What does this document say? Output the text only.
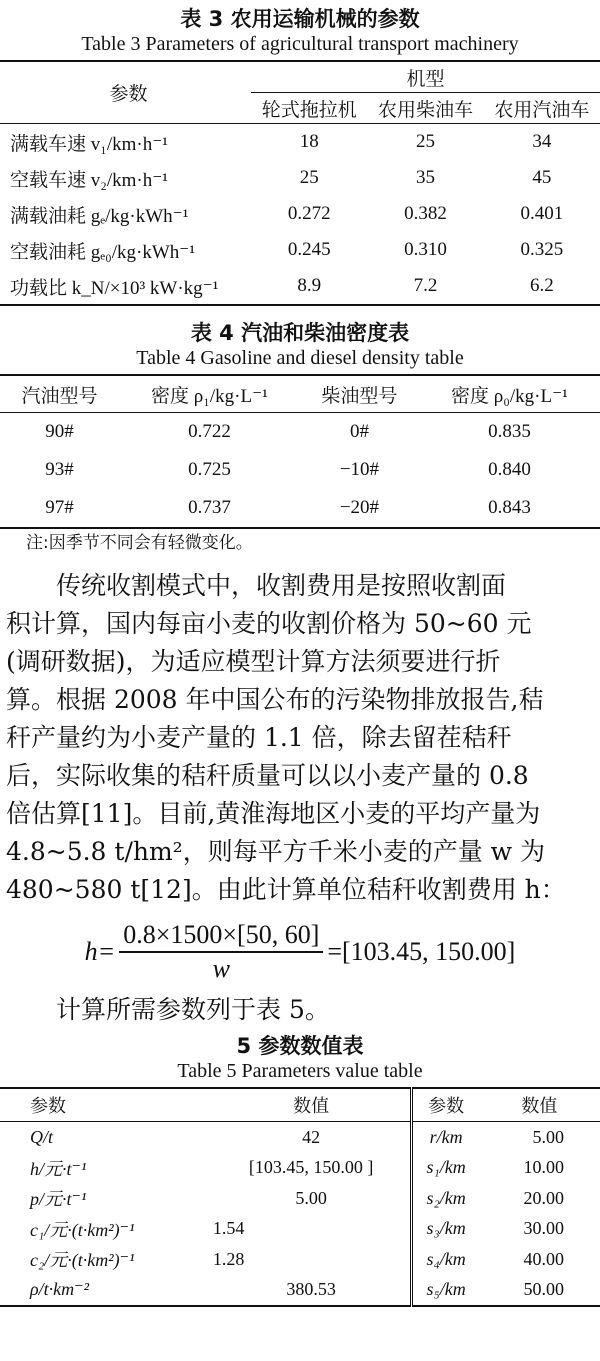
表 3 农用运输机械的参数
Table 3 Parameters of agricultural transport machinery
参数	机型		
	轮式拖拉机	农用柴油车	农用汽油车
满载车速 v₁/km·h⁻¹	18	25	34
空载车速 v₂/km·h⁻¹	25	35	45
满载油耗 gₑ/kg·kWh⁻¹	0.272	0.382	0.401
空载油耗 gₑ₀/kg·kWh⁻¹	0.245	0.310	0.325
功载比 k_N/×10³ kW·kg⁻¹	8.9	7.2	6.2
表 4 汽油和柴油密度表
Table 4 Gasoline and diesel density table
汽油型号	密度 ρ₁/kg·L⁻¹	柴油型号	密度 ρ₀/kg·L⁻¹
90#	0.722	0#	0.835
93#	0.725	−10#	0.840
97#	0.737	−20#	0.843
注:因季节不同会有轻微变化。
传统收割模式中，收割费用是按照收割面
积计算，国内每亩小麦的收割价格为 50~60 元
(调研数据)，为适应模型计算方法须要进行折
算。根据 2008 年中国公布的污染物排放报告,秸
秆产量约为小麦产量的 1.1 倍，除去留茬秸秆
后，实际收集的秸秆质量可以以小麦产量的 0.8
倍估算[11]。目前,黄淮海地区小麦的平均产量为
4.8~5.8 t/hm²，则每平方千米小麦的产量 w 为
480~580 t[12]。由此计算单位秸秆收割费用 h：
$h= \frac{0.8\times 1500\times[50, 60]}{w} =[103.45$, 150.00]
计算所需参数列于表 5。
5 参数数值表
Table 5 Parameters value table
参数	数值	参数	数值
Q/t	42	r/km	5.00
h/元·t⁻¹	[103.45, 150.00 ]	s₁/km	10.00
p/元·t⁻¹	5.00	s₂/km	20.00
c₁/元·(t·km²)⁻¹	1.54	s₃/km	30.00
c₂/元·(t·km²)⁻¹	1.28	s₄/km	40.00
ρ/t·km⁻²	380.53	s₅/km	50.00
